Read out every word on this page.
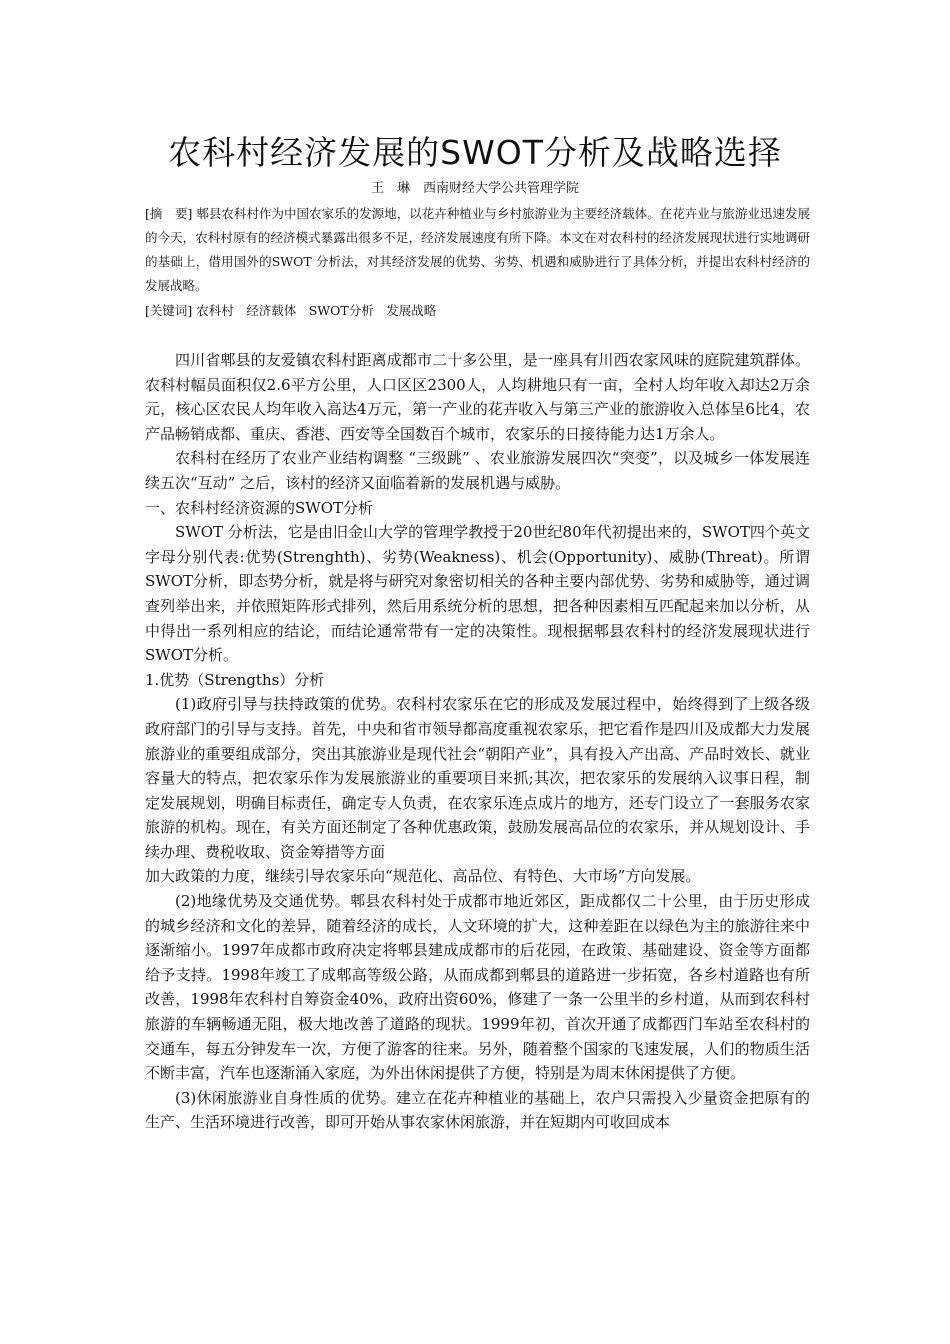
农科村经济发展的SWOT分析及战略选择
王　琳　西南财经大学公共管理学院
[摘　要] 郫县农科村作为中国农家乐的发源地，以花卉种植业与乡村旅游业为主要经济载体。在花卉业与旅游业迅速发展的今天，农科村原有的经济模式暴露出很多不足，经济发展速度有所下降。本文在对农科村的经济发展现状进行实地调研的基础上，借用国外的SWOT 分析法，对其经济发展的优势、劣势、机遇和威胁进行了具体分析，并提出农科村经济的发展战略。
[关键词] 农科村　经济载体　SWOT分析　发展战略

四川省郫县的友爱镇农科村距离成都市二十多公里，是一座具有川西农家风味的庭院建筑群体。农科村幅员面积仅2.6平方公里，人口区区2300人，人均耕地只有一亩，全村人均年收入却达2万余元，核心区农民人均年收入高达4万元，第一产业的花卉收入与第三产业的旅游收入总体呈6比4，农产品畅销成都、重庆、香港、西安等全国数百个城市，农家乐的日接待能力达1万余人。

农科村在经历了农业产业结构调整 “三级跳” 、农业旅游发展四次“突变”，以及城乡一体发展连续五次“互动” 之后，该村的经济又面临着新的发展机遇与威胁。

一、农科村经济资源的SWOT分析

SWOT 分析法，它是由旧金山大学的管理学教授于20世纪80年代初提出来的，SWOT四个英文字母分别代表:优势(Strenghth)、劣势(Weakness)、机会(Opportunity)、威胁(Threat)。所谓SWOT分析，即态势分析，就是将与研究对象密切相关的各种主要内部优势、劣势和威胁等，通过调查列举出来，并依照矩阵形式排列，然后用系统分析的思想，把各种因素相互匹配起来加以分析，从中得出一系列相应的结论，而结论通常带有一定的决策性。现根据郫县农科村的经济发展现状进行SWOT分析。

1.优势（Strengths）分析

(1)政府引导与扶持政策的优势。农科村农家乐在它的形成及发展过程中，始终得到了上级各级政府部门的引导与支持。首先，中央和省市领导都高度重视农家乐，把它看作是四川及成都大力发展旅游业的重要组成部分，突出其旅游业是现代社会“朝阳产业”，具有投入产出高、产品时效长、就业容量大的特点，把农家乐作为发展旅游业的重要项目来抓;其次，把农家乐的发展纳入议事日程，制定发展规划，明确目标责任，确定专人负责，在农家乐连点成片的地方，还专门设立了一套服务农家旅游的机构。现在，有关方面还制定了各种优惠政策，鼓励发展高品位的农家乐，并从规划设计、手续办理、费税收取、资金筹措等方面

加大政策的力度，继续引导农家乐向“规范化、高品位、有特色、大市场”方向发展。

(2)地缘优势及交通优势。郫县农科村处于成都市地近郊区，距成都仅二十公里，由于历史形成的城乡经济和文化的差异，随着经济的成长，人文环境的扩大，这种差距在以绿色为主的旅游往来中逐渐缩小。1997年成都市政府决定将郫县建成成都市的后花园，在政策、基础建设、资金等方面都给予支持。1998年竣工了成郫高等级公路，从而成都到郫县的道路进一步拓宽，各乡村道路也有所改善，1998年农科村自筹资金40%，政府出资60%，修建了一条一公里半的乡村道，从而到农科村旅游的车辆畅通无阻，极大地改善了道路的现状。1999年初，首次开通了成都西门车站至农科村的交通车，每五分钟发车一次，方便了游客的往来。另外，随着整个国家的飞速发展，人们的物质生活不断丰富，汽车也逐渐涌入家庭，为外出休闲提供了方便，特别是为周末休闲提供了方便。

(3)休闲旅游业自身性质的优势。建立在花卉种植业的基础上，农户只需投入少量资金把原有的生产、生活环境进行改善，即可开始从事农家休闲旅游，并在短期内可收回成本
